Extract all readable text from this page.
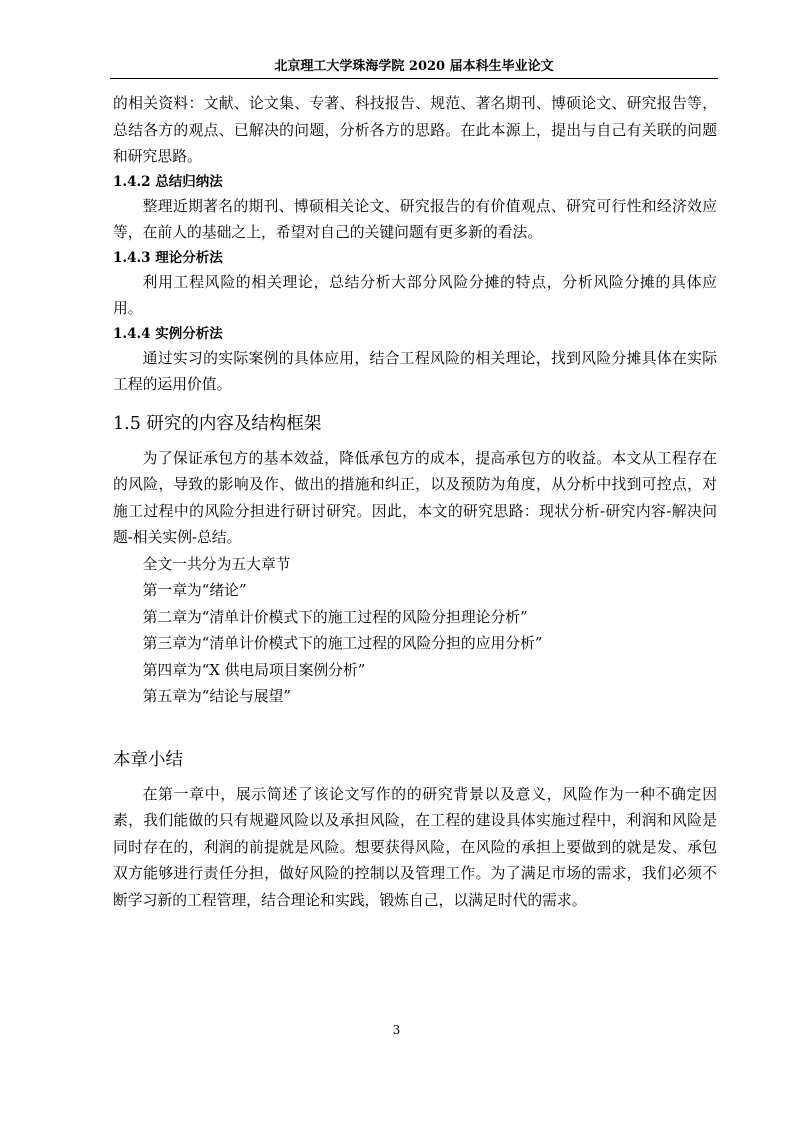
北京理工大学珠海学院 2020 届本科生毕业论文

的相关资料：文献、论文集、专著、科技报告、规范、著名期刊、博硕论文、研究报告等，总结各方的观点、已解决的问题，分析各方的思路。在此本源上，提出与自己有关联的问题和研究思路。

1.4.2 总结归纳法

整理近期著名的期刊、博硕相关论文、研究报告的有价值观点、研究可行性和经济效应等，在前人的基础之上，希望对自己的关键问题有更多新的看法。

1.4.3 理论分析法

利用工程风险的相关理论，总结分析大部分风险分摊的特点，分析风险分摊的具体应用。

1.4.4 实例分析法

通过实习的实际案例的具体应用，结合工程风险的相关理论，找到风险分摊具体在实际工程的运用价值。

1.5 研究的内容及结构框架

为了保证承包方的基本效益，降低承包方的成本，提高承包方的收益。本文从工程存在的风险，导致的影响及作、做出的措施和纠正，以及预防为角度，从分析中找到可控点，对施工过程中的风险分担进行研讨研究。因此，本文的研究思路：现状分析-研究内容-解决问题-相关实例-总结。

全文一共分为五大章节

第一章为“绪论”

第二章为“清单计价模式下的施工过程的风险分担理论分析”

第三章为“清单计价模式下的施工过程的风险分担的应用分析”

第四章为“X 供电局项目案例分析”

第五章为“结论与展望”

本章小结

在第一章中，展示简述了该论文写作的的研究背景以及意义，风险作为一种不确定因素，我们能做的只有规避风险以及承担风险，在工程的建设具体实施过程中，利润和风险是同时存在的，利润的前提就是风险。想要获得风险，在风险的承担上要做到的就是发、承包双方能够进行责任分担，做好风险的控制以及管理工作。为了满足市场的需求，我们必须不断学习新的工程管理，结合理论和实践，锻炼自己，以满足时代的需求。

3
